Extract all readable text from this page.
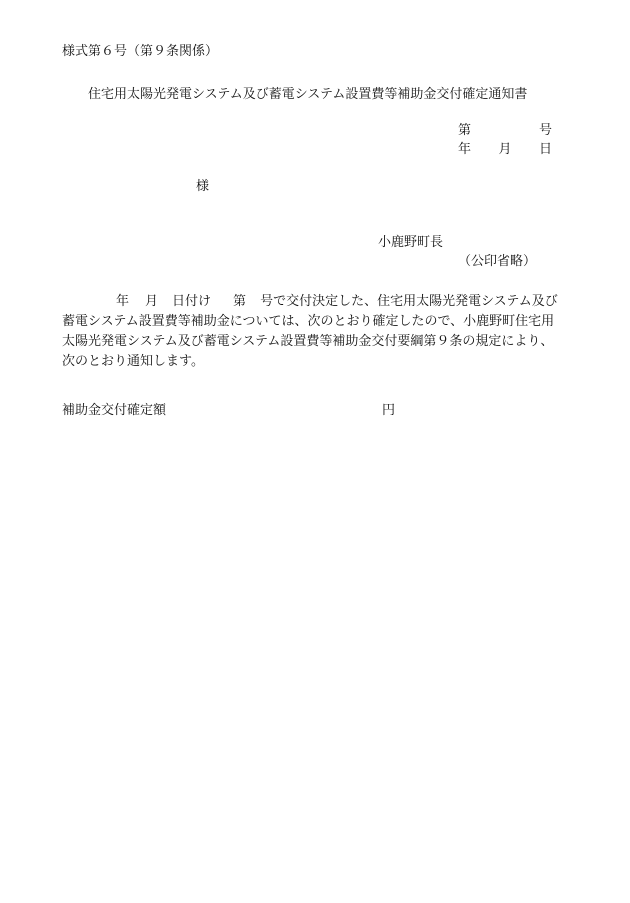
様式第６号（第９条関係）
住宅用太陽光発電システム及び蓄電システム設置費等補助金交付確定通知書
第	号
年 月 日
様
小鹿野町長
（公印省略）
年 月 日付け 第 号で交付決定した、住宅用太陽光発電システム及び
蓄電システム設置費等補助金については、次のとおり確定したので、小鹿野町住宅用
太陽光発電システム及び蓄電システム設置費等補助金交付要綱第９条の規定により、
次のとおり通知します。
補助金交付確定額	円
